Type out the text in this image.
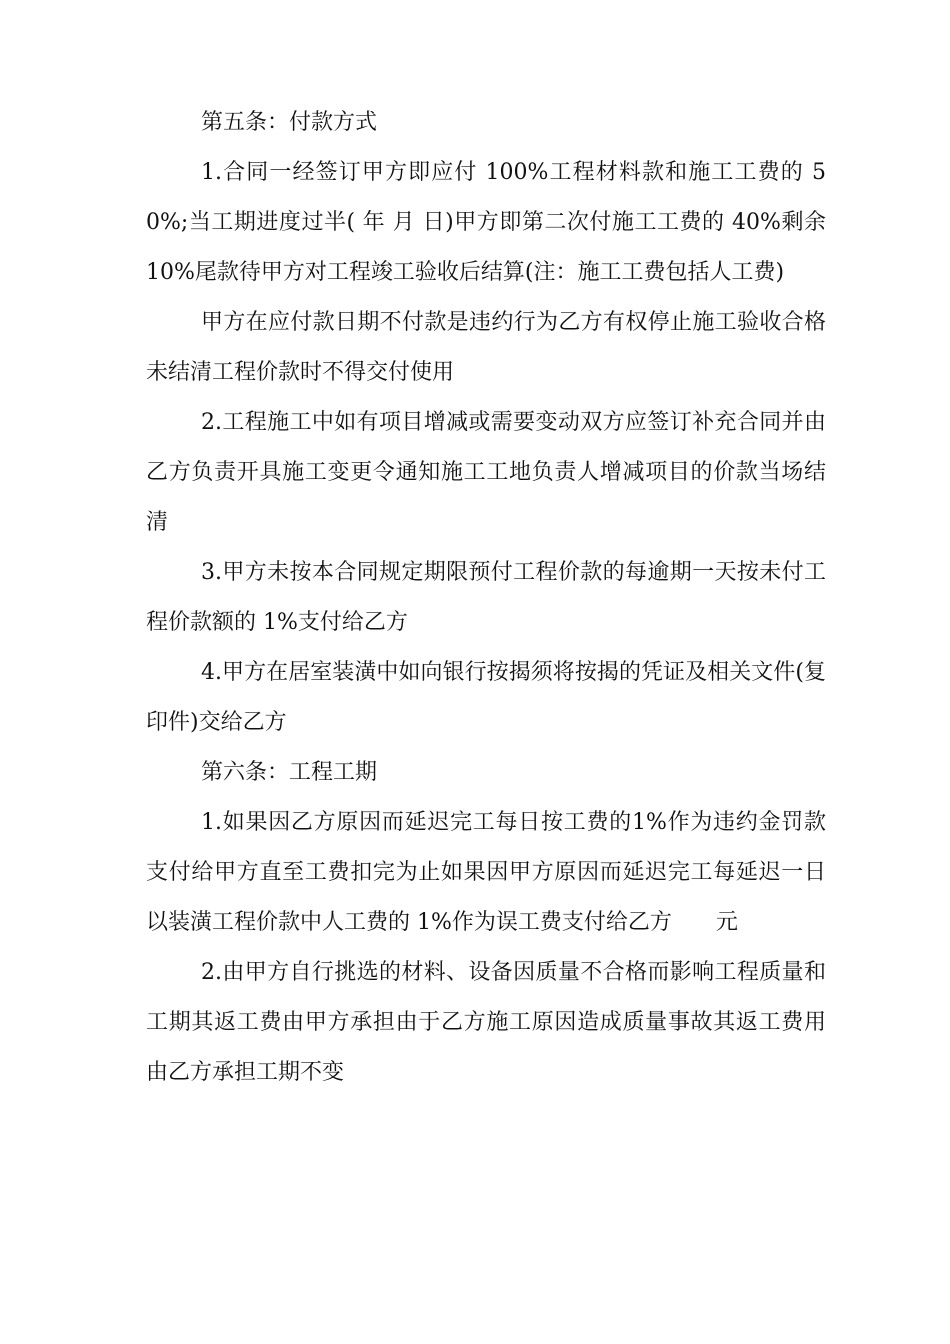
第五条：付款方式

1.合同一经签订甲方即应付 100%工程材料款和施工工费的 50%;当工期进度过半( 年 月 日)甲方即第二次付施工工费的 40%剩余 10%尾款待甲方对工程竣工验收后结算(注：施工工费包括人工费)

甲方在应付款日期不付款是违约行为乙方有权停止施工验收合格未结清工程价款时不得交付使用

2.工程施工中如有项目增减或需要变动双方应签订补充合同并由乙方负责开具施工变更令通知施工工地负责人增减项目的价款当场结清

3.甲方未按本合同规定期限预付工程价款的每逾期一天按未付工程价款额的 1%支付给乙方

4.甲方在居室装潢中如向银行按揭须将按揭的凭证及相关文件(复印件)交给乙方

第六条：工程工期

1.如果因乙方原因而延迟完工每日按工费的1%作为违约金罚款支付给甲方直至工费扣完为止如果因甲方原因而延迟完工每延迟一日以装潢工程价款中人工费的 1%作为误工费支付给乙方　　元

2.由甲方自行挑选的材料、设备因质量不合格而影响工程质量和工期其返工费由甲方承担由于乙方施工原因造成质量事故其返工费用由乙方承担工期不变
